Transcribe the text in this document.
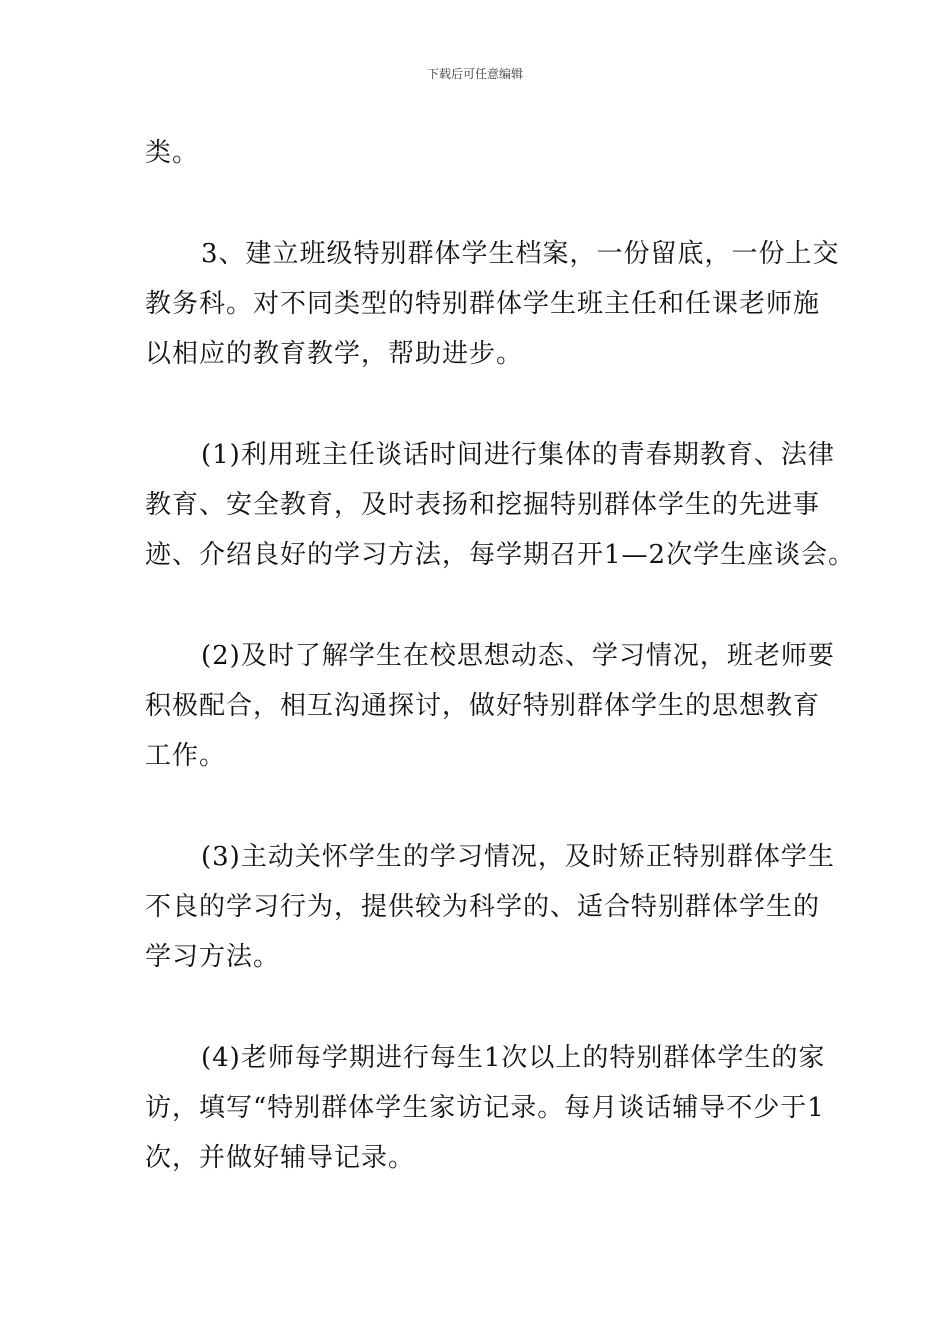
下载后可任意编辑
类。
3、建立班级特别群体学生档案，一份留底，一份上交
教务科。对不同类型的特别群体学生班主任和任课老师施
以相应的教育教学，帮助进步。
(1)利用班主任谈话时间进行集体的青春期教育、法律
教育、安全教育，及时表扬和挖掘特别群体学生的先进事
迹、介绍良好的学习方法，每学期召开1—2次学生座谈会。
(2)及时了解学生在校思想动态、学习情况，班老师要
积极配合，相互沟通探讨，做好特别群体学生的思想教育
工作。
(3)主动关怀学生的学习情况，及时矫正特别群体学生
不良的学习行为，提供较为科学的、适合特别群体学生的
学习方法。
(4)老师每学期进行每生1次以上的特别群体学生的家
访，填写“特别群体学生家访记录。每月谈话辅导不少于1
次，并做好辅导记录。
